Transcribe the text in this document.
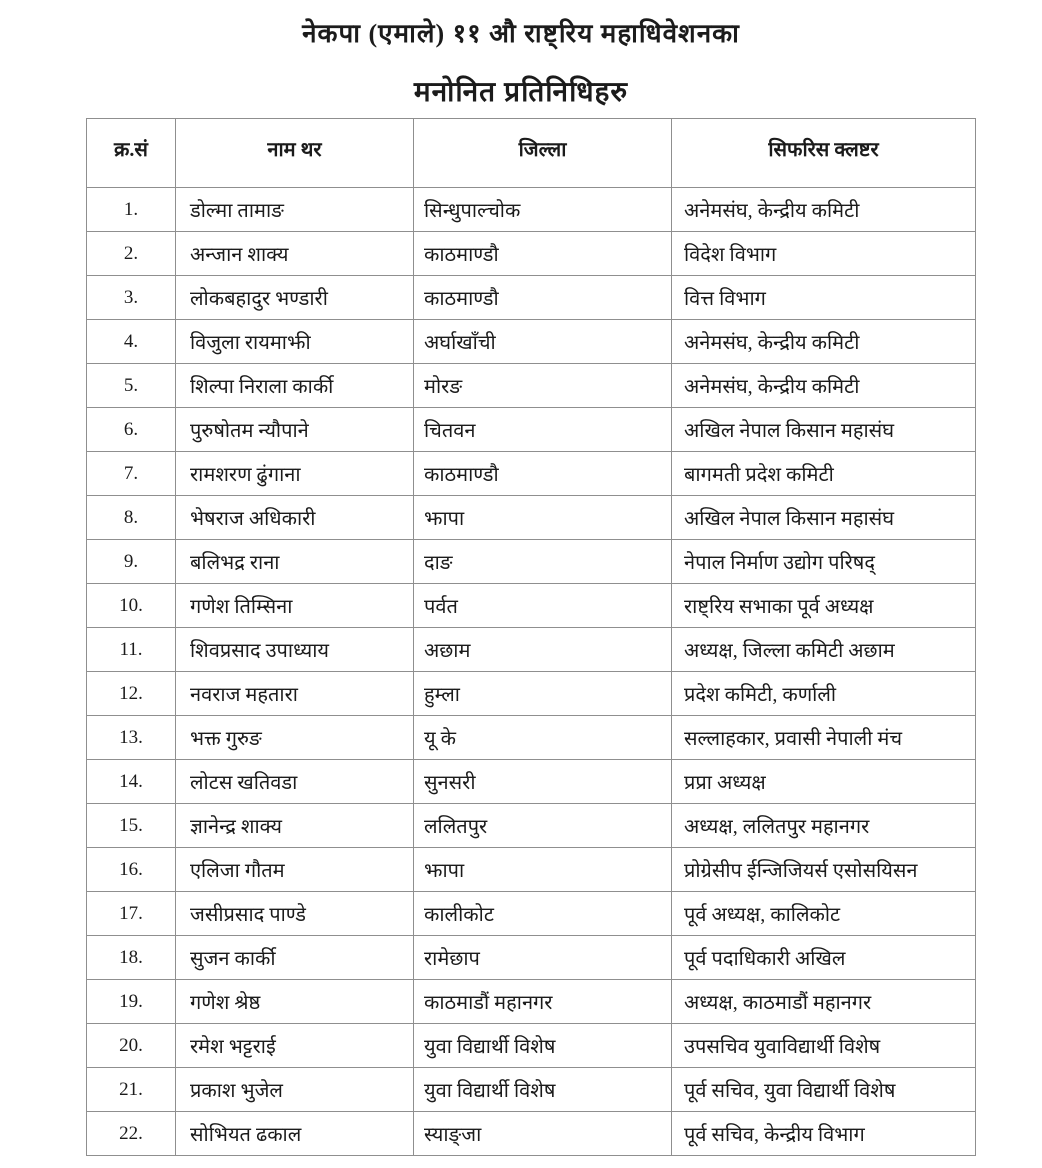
नेकपा (एमाले) ११ औ राष्ट्रिय महाधिवेशनका
मनोनित प्रतिनिधिहरु
क्र.सं	नाम थर	जिल्ला	सिफरिस क्लष्टर
1.	डोल्मा तामाङ	सिन्धुपाल्चोक	अनेमसंघ, केन्द्रीय कमिटी
2.	अन्जान शाक्य	काठमाण्डौ	विदेश विभाग
3.	लोकबहादुर भण्डारी	काठमाण्डौ	वित्त विभाग
4.	विजुला रायमाझी	अर्घाखाँची	अनेमसंघ, केन्द्रीय कमिटी
5.	शिल्पा निराला कार्की	मोरङ	अनेमसंघ, केन्द्रीय कमिटी
6.	पुरुषोतम न्यौपाने	चितवन	अखिल नेपाल किसान महासंघ
7.	रामशरण ढुंगाना	काठमाण्डौ	बागमती प्रदेश कमिटी
8.	भेषराज अधिकारी	झापा	अखिल नेपाल किसान महासंघ
9.	बलिभद्र राना	दाङ	नेपाल निर्माण उद्योग परिषद्
10.	गणेश तिम्सिना	पर्वत	राष्ट्रिय सभाका पूर्व अध्यक्ष
11.	शिवप्रसाद उपाध्याय	अछाम	अध्यक्ष, जिल्ला कमिटी अछाम
12.	नवराज महतारा	हुम्ला	प्रदेश कमिटी, कर्णाली
13.	भक्त गुरुङ	यू के	सल्लाहकार, प्रवासी नेपाली मंच
14.	लोटस खतिवडा	सुनसरी	प्रप्रा अध्यक्ष
15.	ज्ञानेन्द्र शाक्य	ललितपुर	अध्यक्ष, ललितपुर महानगर
16.	एलिजा गौतम	झापा	प्रोग्रेसीप ईन्जिजियर्स एसोसयिसन
17.	जसीप्रसाद पाण्डे	कालीकोट	पूर्व अध्यक्ष, कालिकोट
18.	सुजन कार्की	रामेछाप	पूर्व पदाधिकारी अखिल
19.	गणेश श्रेष्ठ	काठमाडौं महानगर	अध्यक्ष, काठमाडौं महानगर
20.	रमेश भट्टराई	युवा विद्यार्थी विशेष	उपसचिव युवाविद्यार्थी विशेष
21.	प्रकाश भुजेल	युवा विद्यार्थी विशेष	पूर्व सचिव, युवा विद्यार्थी विशेष
22.	सोभियत ढकाल	स्याङ्जा	पूर्व सचिव, केन्द्रीय विभाग
